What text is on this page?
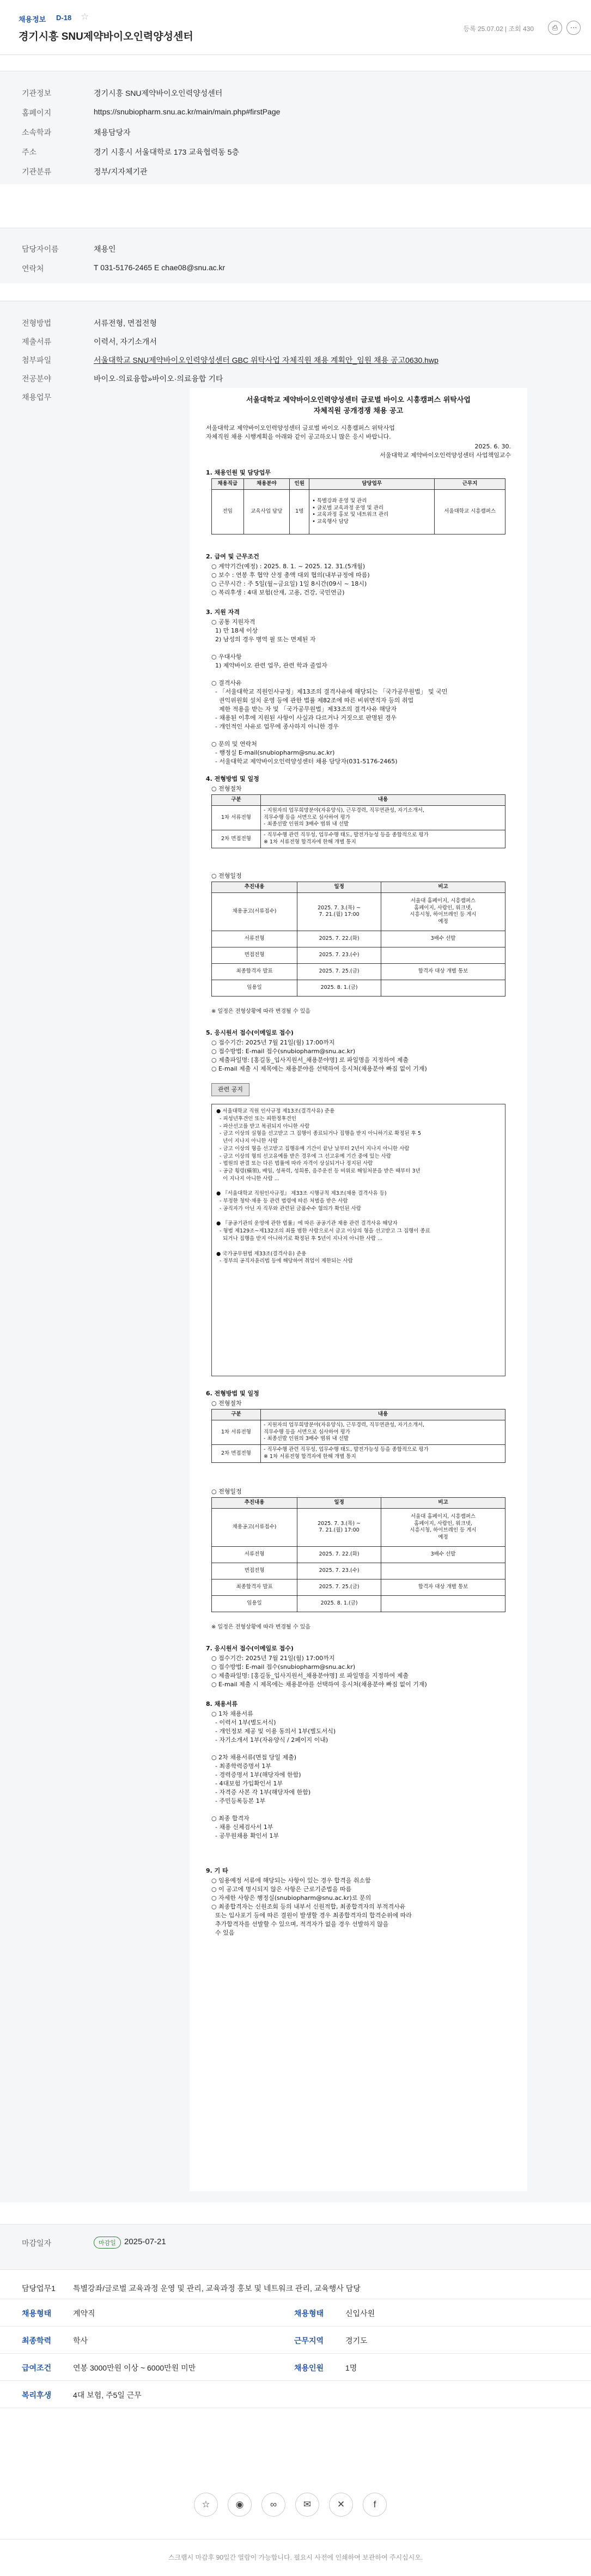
채용정보 D-18 ☆
경기시흥 SNU제약바이오인력양성센터
등록 25.07.02 | 조회 430	⎙	⋯
기관정보	경기시흥 SNU제약바이오인력양성센터
홈페이지	https://snubiopharm.snu.ac.kr/main/main.php#firstPage
소속학과	채용담당자
주소	경기 시흥시 서울대학로 173 교육협력동 5층
기관분류	정부/지자체기관
담당자이름	채용인
연락처	T 031-5176-2465 E chae08@snu.ac.kr
전형방법	서류전형, 면접전형
제출서류	이력서, 자기소개서
첨부파일	서울대학교 SNU제약바이오인력양성센터 GBC 위탁사업 자체직원 채용 계획안_임원 채용 공고0630.hwp
전공분야	바이오·의료융합»바이오·의료융합 기타
채용업무	서울대학교 제약바이오인력양성센터 글로벌 바이오 시흥캠퍼스 위탁사업
자체직원 공개경쟁 채용 공고

서울대학교 제약바이오인력양성센터 글로벌 바이오 시흥캠퍼스 위탁사업

자체직원 채용 시행계획을 아래와 같이 공고하오니 많은 응시 바랍니다.

2025. 6. 30.

서울대학교 제약바이오인력양성센터 사업책임교수

1. 채용인원 및 담당업무

채용직급	채용분야	인원	담당업무	근무지
전임	교육사업 담당	1명	• 특별강좌 운영 및 관리
• 글로벌 교육과정 운영 및 관리
• 교육과정 홍보 및 네트워크 관리
• 교육행사 담당	서울대학교 시흥캠퍼스

2. 급여 및 근무조건

○ 계약기간(예정) : 2025. 8. 1. ~ 2025. 12. 31.(5개월)
○ 보수 : 연봉 후 협약 산정 총액 대외 협의(내부규정에 따름)
○ 근무시간 : 주 5일(월~금요일) 1일 8시간(09시 ~ 18시)
○ 복리후생 : 4대 보험(산재, 고용, 건강, 국민연금)

3. 지원 자격

○ 공통 지원자격
1) 만 18세 이상
2) 남성의 경우 병역 필 또는 면제된 자
○ 우대사항
1) 제약바이오 관련 업무, 관련 학과 졸업자
○ 결격사유
- 「서울대학교 직원인사규정」제13조의 결격사유에 해당되는 「국가공무원법」 및 국민
권익위원회 설치 운영 등에 관한 법률 제82조에 따른 비위면직자 등의 취업
제한 적용을 받는 자 및 「국가공무원법」제33조의 결격사유 해당자
- 채용된 이후에 지원된 사항이 사실과 다르거나 거짓으로 판명된 경우
- 개인적인 사유로 업무에 종사하지 아니한 경우
○ 문의 및 연락처
- 행정실 E-mail(snubiopharm@snu.ac.kr)
- 서울대학교 제약바이오인력양성센터 채용 담당자(031-5176-2465)

4. 전형방법 및 일정

○ 전형절차

구분	내용
1차 서류전형	- 지원자의 업무희망분야(자유양식), 근무경력, 직무연관성, 자기소개서,
직무수행 등을 서면으로 심사하여 평가
- 최종선발 인원의 3배수 범위 내 선발
2차 면접전형	- 직무수행 관련 직무성, 업무수행 태도, 발전가능성 등을 종합적으로 평가
※ 1차 서류전형 합격자에 한해 개별 통지

○ 전형일정

추진내용	일정	비고
채용공고(서류접수)	2025. 7. 3.(목) ~
7. 21.(월) 17:00	서울대 홈페이지, 시흥캠퍼스
홈페이지, 사람인, 워크넷,
시흥시청, 하이브레인 등 게시
예정
서류전형	2025. 7. 22.(화)	3배수 선발
면접전형	2025. 7. 23.(수)	
최종합격자 발표	2025. 7. 25.(금)	합격자 대상 개별 통보
임용일	2025. 8. 1.(금)	

※ 일정은 전형상황에 따라 변경될 수 있음

5. 응시원서 접수(이메일로 접수)

○ 접수기간: 2025년 7월 21일(월) 17:00까지
○ 접수방법: E-mail 접수(snubiopharm@snu.ac.kr)
○ 제출파일명: [홍길동_입사지원서_채용분야명] 로 파일명을 지정하여 제출
○ E-mail 제출 시 제목에는 채용분야를 선택하여 응시처(채용분야 빠짐 없이 기재)
관련 공지
● 서울대학교 직원 인사규정 제13조(결격사유) 준용
- 피성년후견인 또는 피한정후견인
- 파산선고를 받고 복권되지 아니한 사람
- 금고 이상의 실형을 선고받고 그 집행이 종료되거나 집행을 받지 아니하기로 확정된 후 5
년이 지나지 아니한 사람
- 금고 이상의 형을 선고받고 집행유예 기간이 끝난 날부터 2년이 지나지 아니한 사람
- 금고 이상의 형의 선고유예를 받은 경우에 그 선고유예 기간 중에 있는 사람
- 법원의 판결 또는 다른 법률에 따라 자격이 상실되거나 정지된 사람
- 공금 횡령(橫領), 배임, 성폭력, 성희롱, 음주운전 등 비위로 해임처분을 받은 때부터 3년
이 지나지 아니한 사람 ...

● 『서울대학교 직원인사규정』 제33조 시행규칙 제3조(채용 결격사유 등)
- 부정한 청탁·채용 등 관련 법령에 따른 처벌을 받은 사람
- 공직자가 아닌 자 직무와 관련된 금품수수 혐의가 확인된 사람

● 『공공기관의 운영에 관한 법률』에 따른 공공기관 채용 관련 결격사유 해당자
- 형법 제129조~제132조의 죄를 범한 사람으로서 금고 이상의 형을 선고받고 그 집행이 종료
되거나 집행을 받지 아니하기로 확정된 후 5년이 지나지 아니한 사람 ...

● 국가공무원법 제33조(결격사유) 준용
- 정부의 공직자윤리법 등에 해당하여 취업이 제한되는 사람

6. 전형방법 및 일정

○ 전형절차

구분	내용
1차 서류전형	- 지원자의 업무희망분야(자유양식), 근무경력, 직무연관성, 자기소개서,
직무수행 등을 서면으로 심사하여 평가
- 최종선발 인원의 3배수 범위 내 선발
2차 면접전형	- 직무수행 관련 직무성, 업무수행 태도, 발전가능성 등을 종합적으로 평가
※ 1차 서류전형 합격자에 한해 개별 통지

○ 전형일정

추진내용	일정	비고
채용공고(서류접수)	2025. 7. 3.(목) ~
7. 21.(월) 17:00	서울대 홈페이지, 시흥캠퍼스
홈페이지, 사람인, 워크넷,
시흥시청, 하이브레인 등 게시
예정
서류전형	2025. 7. 22.(화)	3배수 선발
면접전형	2025. 7. 23.(수)	
최종합격자 발표	2025. 7. 25.(금)	합격자 대상 개별 통보
임용일	2025. 8. 1.(금)	

※ 일정은 전형상황에 따라 변경될 수 있음

7. 응시원서 접수(이메일로 접수)

○ 접수기간: 2025년 7월 21일(월) 17:00까지
○ 접수방법: E-mail 접수(snubiopharm@snu.ac.kr)
○ 제출파일명: [홍길동_입사지원서_채용분야명] 로 파일명을 지정하여 제출
○ E-mail 제출 시 제목에는 채용분야를 선택하여 응시처(채용분야 빠짐 없이 기재)

8. 채용서류

○ 1차 채용서류
- 이력서 1부(별도서식)
- 개인정보 제공 및 이용 동의서 1부(별도서식)
- 자기소개서 1부(자유양식 / 2페이지 이내)
○ 2차 채용서류(면접 당일 제출)
- 최종학력증명서 1부
- 경력증명서 1부(해당자에 한함)
- 4대보험 가입확인서 1부
- 자격증 사본 각 1부(해당자에 한함)
- 주민등록등본 1부
○ 최종 합격자
- 채용 신체검사서 1부
- 공무원채용 확인서 1부

9. 기 타

○ 임용예정 서류에 해당되는 사항이 있는 경우 합격을 취소함
○ 이 공고에 명시되지 않은 사항은 근로기준법을 따름
○ 자세한 사항은 행정실(snubiopharm@snu.ac.kr)로 문의
○ 최종합격자는 신원조회 등의 내부서 신원적합, 최종합격자의 부적격사유
또는 입사포기 등에 따른 결원이 발생할 경우 최종합격자의 합격순위에 따라
추가합격자를 선발할 수 있으며, 적격자가 없을 경우 선발하지 않을
수 있음
마감일자	마감일	2025-07-21
담당업무1 특별강좌/글로벌 교육과정 운영 및 관리, 교육과정 홍보 및 네트워크 관리, 교육행사 담당
채용형태	계약직	채용형태	신입사원
최종학력	학사	근무지역	경기도
급여조건	연봉 3000만원 이상 ~ 6000만원 미만	채용인원	1명
복리후생	4대 보험, 주5일 근무
☆	◉	∞	✉	✕	f
스크랩시 마감후 90일간 열람이 가능합니다. 필요시 사전에 인쇄하여 보관하여 주시십시오.
